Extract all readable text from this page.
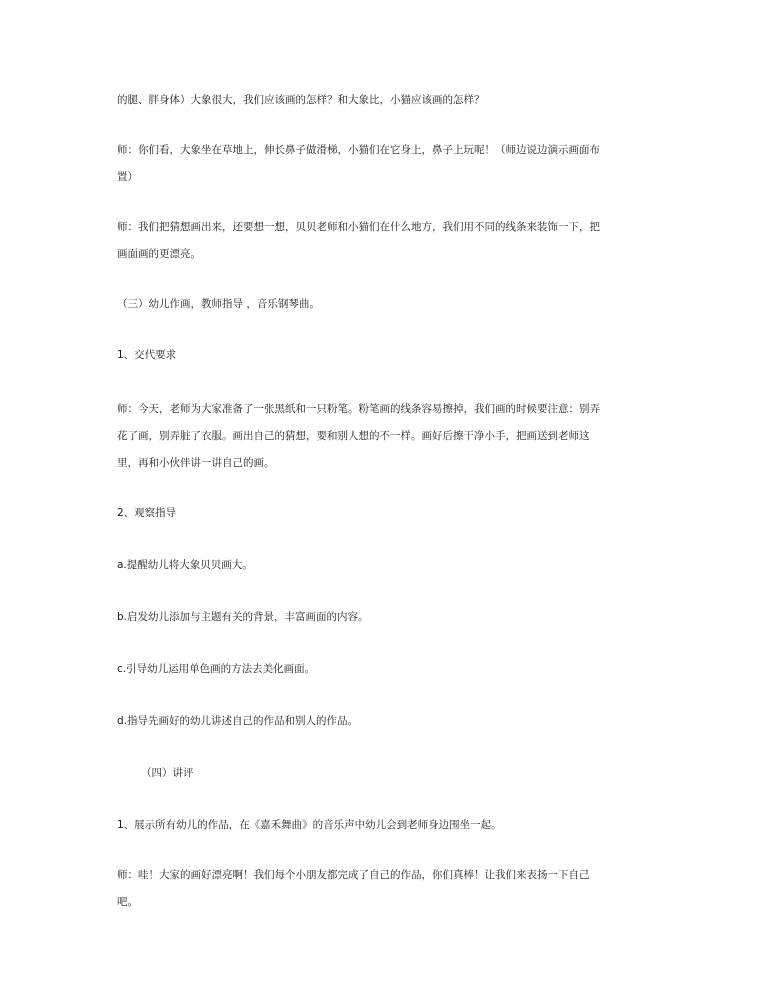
的腿、胖身体）大象很大，我们应该画的怎样？和大象比，小猫应该画的怎样？

师：你们看，大象坐在草地上，伸长鼻子做滑梯，小猫们在它身上，鼻子上玩呢！（师边说边演示画面布
置）

师：我们把猜想画出来，还要想一想，贝贝老师和小猫们在什么地方，我们用不同的线条来装饰一下，把
画面画的更漂亮。

（三）幼儿作画，教师指导 ，音乐钢琴曲。

1、交代要求

师：今天，老师为大家准备了一张黑纸和一只粉笔。粉笔画的线条容易擦掉，我们画的时候要注意：别弄
花了画，别弄脏了衣服。画出自己的猜想，要和别人想的不一样。画好后擦干净小手，把画送到老师这
里，再和小伙伴讲一讲自己的画。

2、观察指导

a.提醒幼儿将大象贝贝画大。

b.启发幼儿添加与主题有关的背景，丰富画面的内容。

c.引导幼儿运用单色画的方法去美化画面。

d.指导先画好的幼儿讲述自己的作品和别人的作品。

（四）讲评

1、展示所有幼儿的作品，在《嘉禾舞曲》的音乐声中幼儿会到老师身边围坐一起。

师：哇！大家的画好漂亮啊！我们每个小朋友都完成了自己的作品，你们真棒！让我们来表扬一下自己
吧。
